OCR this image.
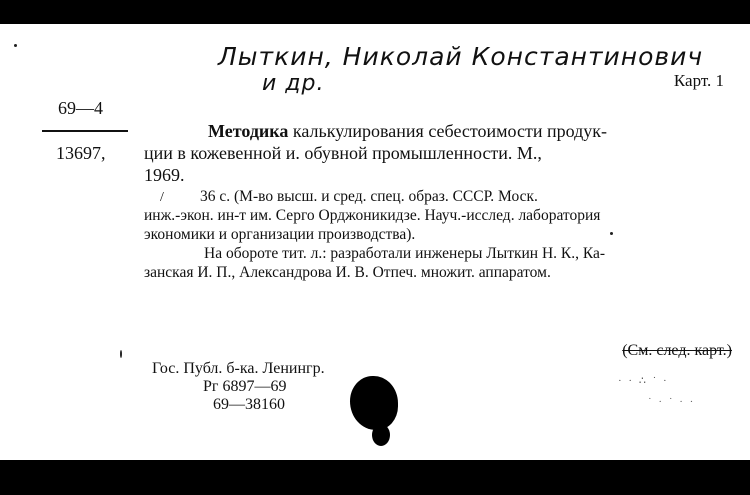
Лыткин, Николай Константинович
и др.	Карт. 1
69—4
13697,
Методика калькулирования себестоимости продук-
ции в кожевенной и. обувной промышленности. М.,
1969.
36 с. (М-во высш. и сред. спец. образ. СССР. Моск.
/
инж.-экон. ин-т им. Серго Орджоникидзе. Науч.-исслед. лаборатория
экономики и организации производства).
На обороте тит. л.: разработали инженеры Лыткин Н. К., Ка-
занская И. П., Александрова И. В. Отпеч. множит. аппаратом.
(См. след. карт.)
Гос. Публ. б-ка. Ленингр.
Рг 6897—69
69—38160
· · ∴ ˙ ·
˙ · ˙ · ·
